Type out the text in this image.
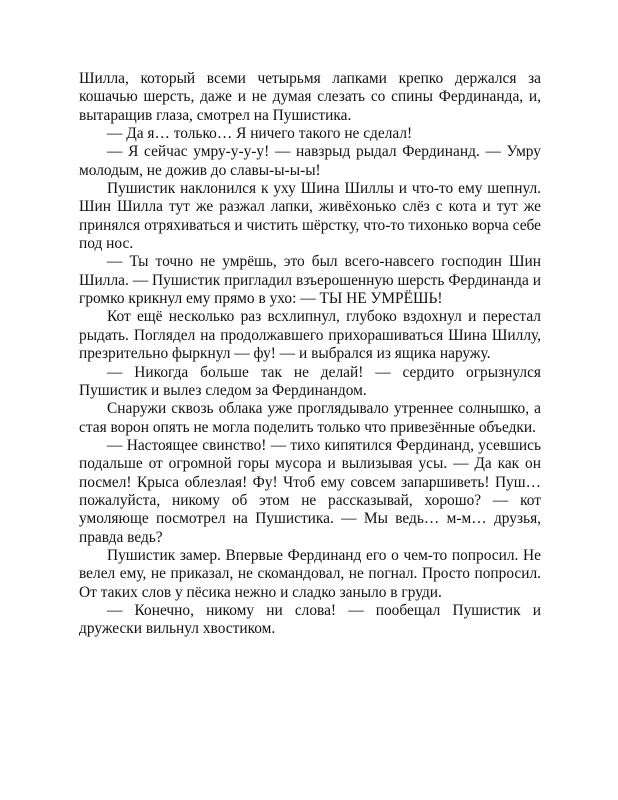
Шилла, который всеми четырьмя лапками крепко держался за кошачью шерсть, даже и не думая слезать со спины Фердинанда, и, вытаращив глаза, смотрел на Пушистика.

— Да я… только… Я ничего такого не сделал!

— Я сейчас умру-у-у-у! — навзрыд рыдал Фердинанд. — Умру молодым, не дожив до славы-ы-ы-ы!

Пушистик наклонился к уху Шина Шиллы и что-то ему шепнул. Шин Шилла тут же разжал лапки, живёхонько слёз с кота и тут же принялся отряхиваться и чистить шёрстку, что-то тихонько ворча себе под нос.

— Ты точно не умрёшь, это был всего-навсего господин Шин Шилла. — Пушистик пригладил взъерошенную шерсть Фердинанда и громко крикнул ему прямо в ухо: — ТЫ НЕ УМРЁШЬ!

Кот ещё несколько раз всхлипнул, глубоко вздохнул и перестал рыдать. Поглядел на продолжавшего прихорашиваться Шина Шиллу, презрительно фыркнул — фу! — и выбрался из ящика наружу.

— Никогда больше так не делай! — сердито огрызнулся Пушистик и вылез следом за Фердинандом.

Снаружи сквозь облака уже проглядывало утреннее солнышко, а стая ворон опять не могла поделить только что привезённые объедки.

— Настоящее свинство! — тихо кипятился Фердинанд, усевшись подальше от огромной горы мусора и вылизывая усы. — Да как он посмел! Крыса облезлая! Фу! Чтоб ему совсем запаршиветь! Пуш… пожалуйста, никому об этом не рассказывай, хорошо? — кот умоляюще посмотрел на Пушистика. — Мы ведь… м-м… друзья, правда ведь?

Пушистик замер. Впервые Фердинанд его о чем-то попросил. Не велел ему, не приказал, не скомандовал, не погнал. Просто попросил. От таких слов у пёсика нежно и сладко заныло в груди.

— Конечно, никому ни слова! — пообещал Пушистик и дружески вильнул хвостиком.
